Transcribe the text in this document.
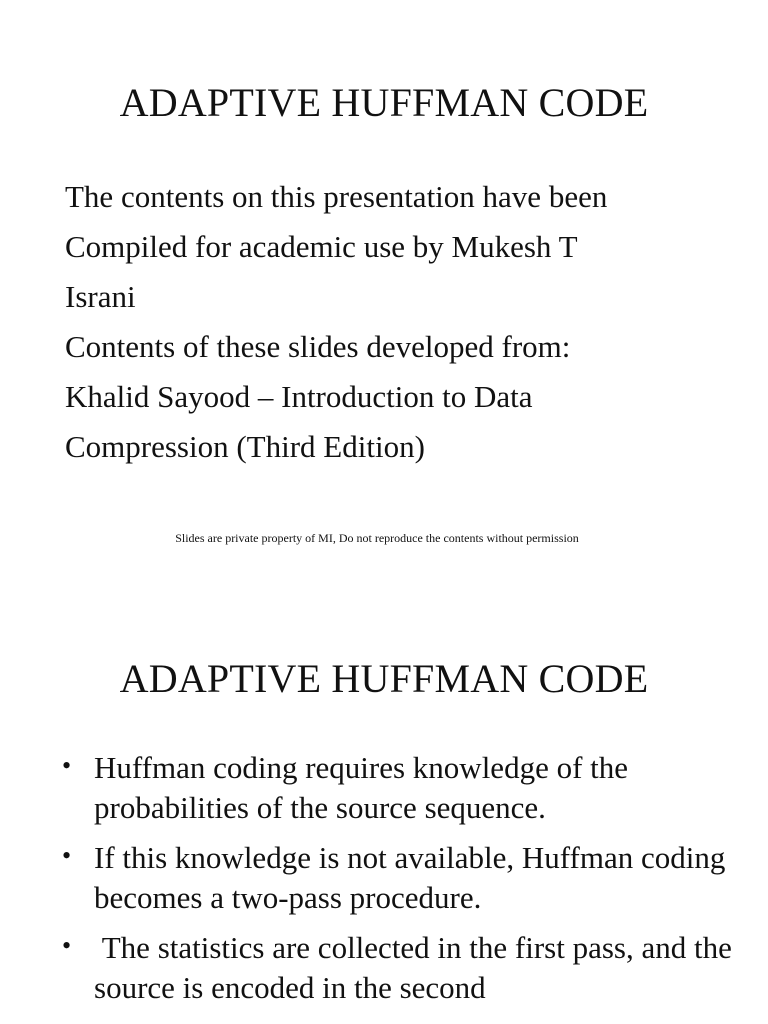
ADAPTIVE HUFFMAN CODE
The contents on this presentation have been
Compiled for academic use by Mukesh T
Israni
Contents of these slides developed from:
Khalid Sayood – Introduction to Data
Compression (Third Edition)
Slides are private property of MI, Do not reproduce the contents without permission
ADAPTIVE HUFFMAN CODE
• Huffman coding requires knowledge of the probabilities of the source sequence.
• If this knowledge is not available, Huffman coding becomes a two-pass procedure.
• The statistics are collected in the first pass, and the source is encoded in the second
